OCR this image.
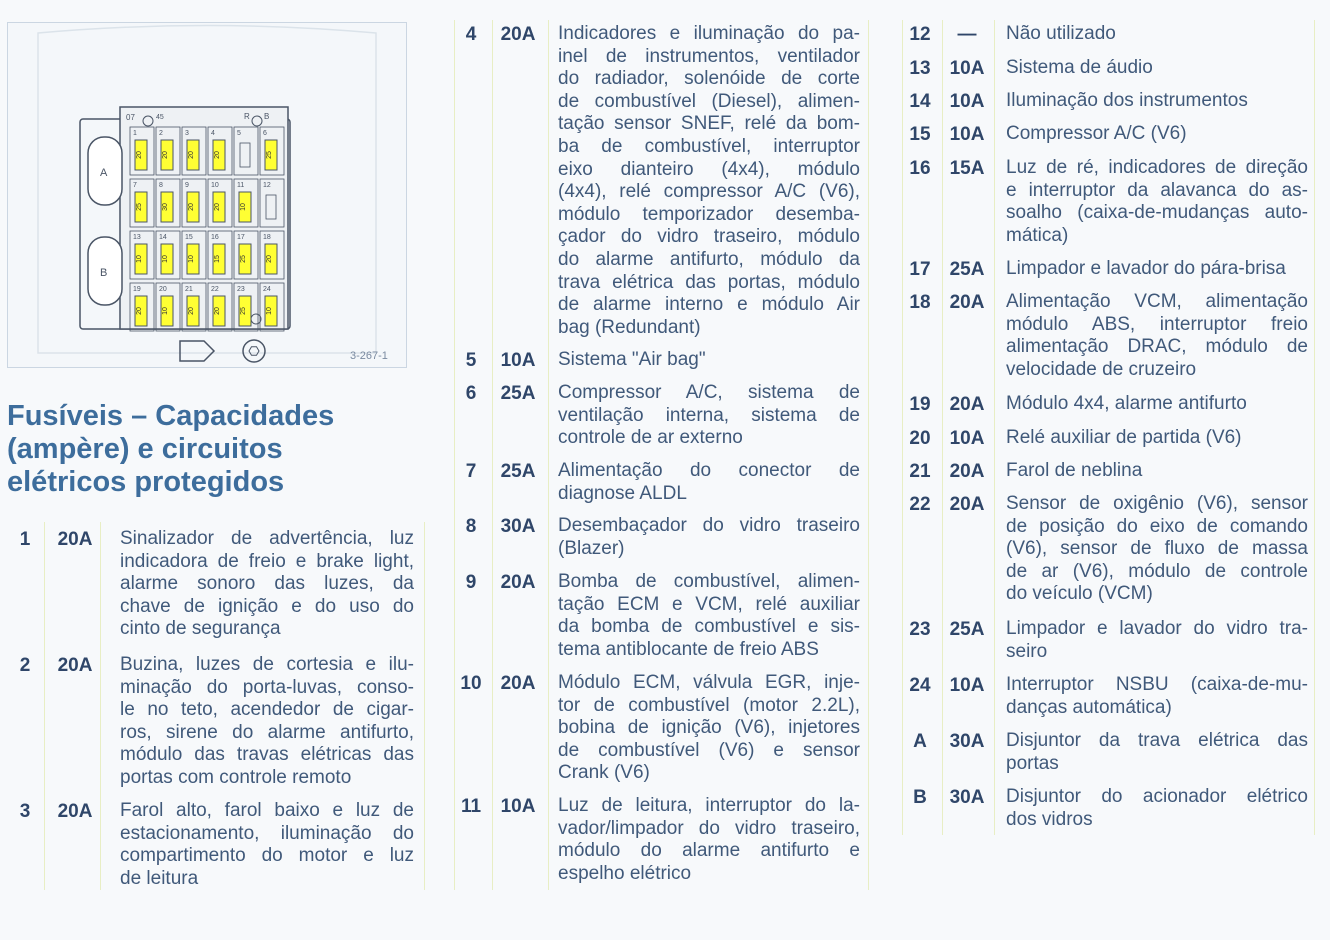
A
B
07	45	R B
1
20
2
20
3
20
4
20
5	6
25
7
25
8
30
9
20
10
20
11
10
12
13
10
14
10
15
10
16
15
17
25
18
20
19
20
20
10
21
20
22
20
23
25
24
10
3-267-1
Fusíveis – Capacidades
(ampère) e circuitos
elétricos protegidos
1	20A	Sinalizador de advertência, luz
indicadora de freio e brake light,
alarme sonoro das luzes, da
chave de ignição e do uso do
cinto de segurança
2	20A	Buzina, luzes de cortesia e ilu-
minação do porta-luvas, conso-
le no teto, acendedor de cigar-
ros, sirene do alarme antifurto,
módulo das travas elétricas das
portas com controle remoto
3	20A	Farol alto, farol baixo e luz de
estacionamento, iluminação do
compartimento do motor e luz
de leitura
4	20A	Indicadores e iluminação do pa-
inel de instrumentos, ventilador
do radiador, solenóide de corte
de combustível (Diesel), alimen-
tação sensor SNEF, relé da bom-
ba de combustível, interruptor
eixo dianteiro (4x4), módulo
(4x4), relé compressor A/C (V6),
módulo temporizador desemba-
çador do vidro traseiro, módulo
do alarme antifurto, módulo da
trava elétrica das portas, módulo
de alarme interno e módulo Air
bag (Redundant)
5	10A	Sistema "Air bag"
6	25A	Compressor A/C, sistema de
ventilação interna, sistema de
controle de ar externo
7	25A	Alimentação do conector de
diagnose ALDL
8	30A	Desembaçador do vidro traseiro
(Blazer)
9	20A	Bomba de combustível, alimen-
tação ECM e VCM, relé auxiliar
da bomba de combustível e sis-
tema antiblocante de freio ABS
10	20A	Módulo ECM, válvula EGR, inje-
tor de combustível (motor 2.2L),
bobina de ignição (V6), injetores
de combustível (V6) e sensor
Crank (V6)
11	10A	Luz de leitura, interruptor do la-
vador/limpador do vidro traseiro,
módulo do alarme antifurto e
espelho elétrico
12	—	Não utilizado
13	10A	Sistema de áudio
14	10A	Iluminação dos instrumentos
15	10A	Compressor A/C (V6)
16	15A	Luz de ré, indicadores de direção
e interruptor da alavanca do as-
soalho (caixa-de-mudanças auto-
mática)
17	25A	Limpador e lavador do pára-brisa
18	20A	Alimentação VCM, alimentação
módulo ABS, interruptor freio
alimentação DRAC, módulo de
velocidade de cruzeiro
19	20A	Módulo 4x4, alarme antifurto
20	10A	Relé auxiliar de partida (V6)
21	20A	Farol de neblina
22	20A	Sensor de oxigênio (V6), sensor
de posição do eixo de comando
(V6), sensor de fluxo de massa
de ar (V6), módulo de controle
do veículo (VCM)
23	25A	Limpador e lavador do vidro tra-
seiro
24	10A	Interruptor NSBU (caixa-de-mu-
danças automática)
A	30A	Disjuntor da trava elétrica das
portas
B	30A	Disjuntor do acionador elétrico
dos vidros
